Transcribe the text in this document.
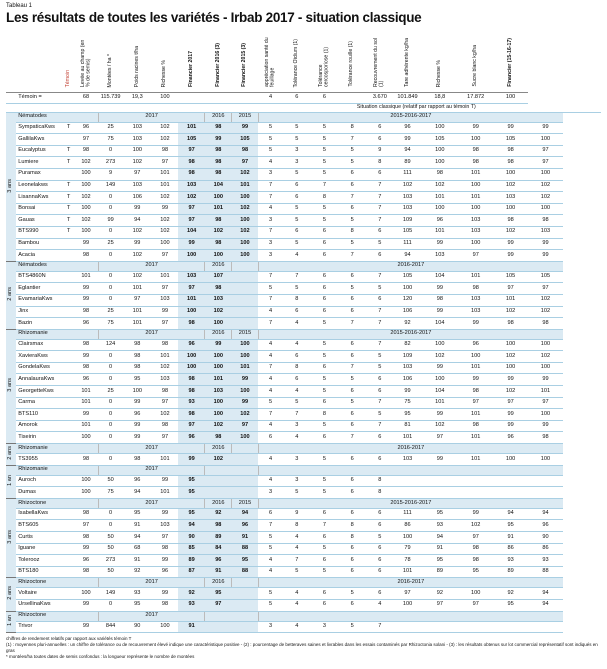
Tableau 1
Les résultats de toutes les variétés - Irbab 2017 - situation classique
		Témoin	Levée au champ (en % de semis)	Montées / ha *	Poids racines t/ha	Richesse %	Financier 2017	Financier 2016 (3)	Financier 2015 (3)	appréciation santé du feuillage	Tolérance Oïdium (1)	Tolérance cercosporiose (1)	Tolérance rouille (1)	Recouvrement du sol (1)	Tare adhérente kg/ha	Richesse %	Sucre blanc kg/ha	Financier (15-16-17)	
	Témoin =		68	115.739	19,3	100				4	6	6		3.670	101.849	18,8	17.872	100	
									Situation classique (relatif par rapport au témoin T)										
3 ans	Nématodes			2017				2016	2015	2015-2016-2017									
	SympaticaKws	T	96	25	103	102	101	98	99	5	5	5	8	6	96	100	99	99	99
	GallilaKws		97	75	103	102	105	99	105	5	5	5	7	6	99	105	100	105	100
	Eucalyptus	T	98	0	100	98	97	98	98	5	3	5	5	9	94	100	98	98	97
	Lumiere	T	102	273	102	97	98	98	97	4	3	5	5	8	89	100	98	98	97
	Puramax		100	9	97	101	98	98	102	3	5	5	6	6	111	98	101	100	100
	Leonelakws	T	100	149	103	101	103	104	101	7	6	7	6	7	102	102	100	102	102
	LisannaKws	T	102	0	106	102	102	100	100	7	6	8	7	7	103	101	101	103	102
	Bonsai	T	100	0	99	99	97	101	102	4	5	5	6	7	103	100	100	100	100
	Gauas	T	102	99	94	102	97	98	100	3	5	5	5	7	109	96	103	98	98
	BTS990	T	100	0	102	102	104	102	102	7	6	6	8	6	105	101	103	102	103
	Bambou		99	25	99	100	99	98	100	3	5	6	5	5	111	99	100	99	99
	Acacia		98	0	102	97	100	100	100	3	4	6	7	6	94	103	97	99	99
2 ans	Nématodes			2017				2016		2016-2017									
	BTS4860N		101	0	102	101	103	107		7	7	6	6	7	105	104	101	105	105
	Eglantier		99	0	101	97	97	98		5	5	6	5	5	100	99	98	97	97
	EvamariaKws		99	0	97	103	101	103		7	8	6	6	6	120	98	103	101	102
	Jinx		98	25	101	99	100	102		4	6	6	6	7	106	99	103	102	102
	Bazin		96	75	101	97	98	100		7	4	5	7	7	92	104	99	98	98
3 ans	Rhizomanie			2017				2016	2015	2015-2016-2017									
	Clairsmax		98	124	98	98	96	99	100	4	4	5	6	7	82	100	96	100	100
	XavieraKws		99	0	98	101	100	100	100	4	6	5	6	5	109	102	100	102	102
	GondelaKws		98	0	98	102	100	100	101	7	8	6	7	5	103	99	101	100	100
	AnnalauraKws		96	0	95	103	98	101	99	4	6	5	5	6	106	100	99	99	99
	GeorgetteKws		101	25	100	98	98	103	100	4	4	5	6	6	99	104	98	102	101
	Carma		101	0	99	97	93	100	99	5	5	6	5	7	75	101	97	97	97
	BTS110		99	0	96	102	98	100	102	7	7	8	6	5	95	99	101	99	100
	Amorok		101	0	99	98	97	102	97	4	3	5	6	7	81	102	98	99	99
	Tiseirin		100	0	99	97	96	98	100	6	4	6	7	6	101	97	101	96	98
2 ans	Rhizomanie			2017				2016		2016-2017									
	TS3955		98	0	98	101	99	102		4	3	5	6	6	103	99	101	100	100
1 an	Rhizomanie			2017															
	Auroch		100	50	96	99	95			4	3	5	6	8					
	Dumas		100	75	94	101	95			3	5	5	6	8					
3 ans	Rhizoctone			2017				2016	2015	2015-2016-2017									
	IsabellaKws		98	0	95	99	95	92	94	6	9	6	6	6	111	95	99	94	94
	BTS605		97	0	91	103	94	98	96	7	8	7	8	6	86	93	102	95	96
	Curtis		98	50	94	97	90	89	91	5	4	6	8	5	100	94	97	91	90
	Iguane		99	50	68	98	85	84	88	5	4	5	6	6	79	91	98	86	86
	Tolerooz		96	273	91	99	89	96	95	4	7	6	6	6	78	95	98	93	93
	BTS180		98	50	92	96	87	91	88	4	5	5	6	6	101	89	95	89	88
2 ans	Rhizoctone			2017				2016		2016-2017									
	Voltaire		100	149	93	99	92	95		5	4	6	5	6	97	92	100	92	94
	UrsellinaKws		99	0	95	98	93	97		5	4	6	6	4	100	97	97	95	94
1 an	Rhizoctone			2017															
	Trivor		99	844	90	100	91			3	4	3	5	7					
chiffres de rendement relatifs par rapport aux variétés témoin T
(1) : moyennes pluri-annuelles : un chiffre de tolérance ou de recouvrement élevé indique une caractéristique positive - (2) : pourcentage de betteraves saines et livrables dans les essais contaminés par Rhizoctonia solani - (3) : les résultats obtenus sur lot commercial représentatif sont indiqués en gras
* montées/ha toutes dates de semis confondus : la longueur représente le nombre de montées
